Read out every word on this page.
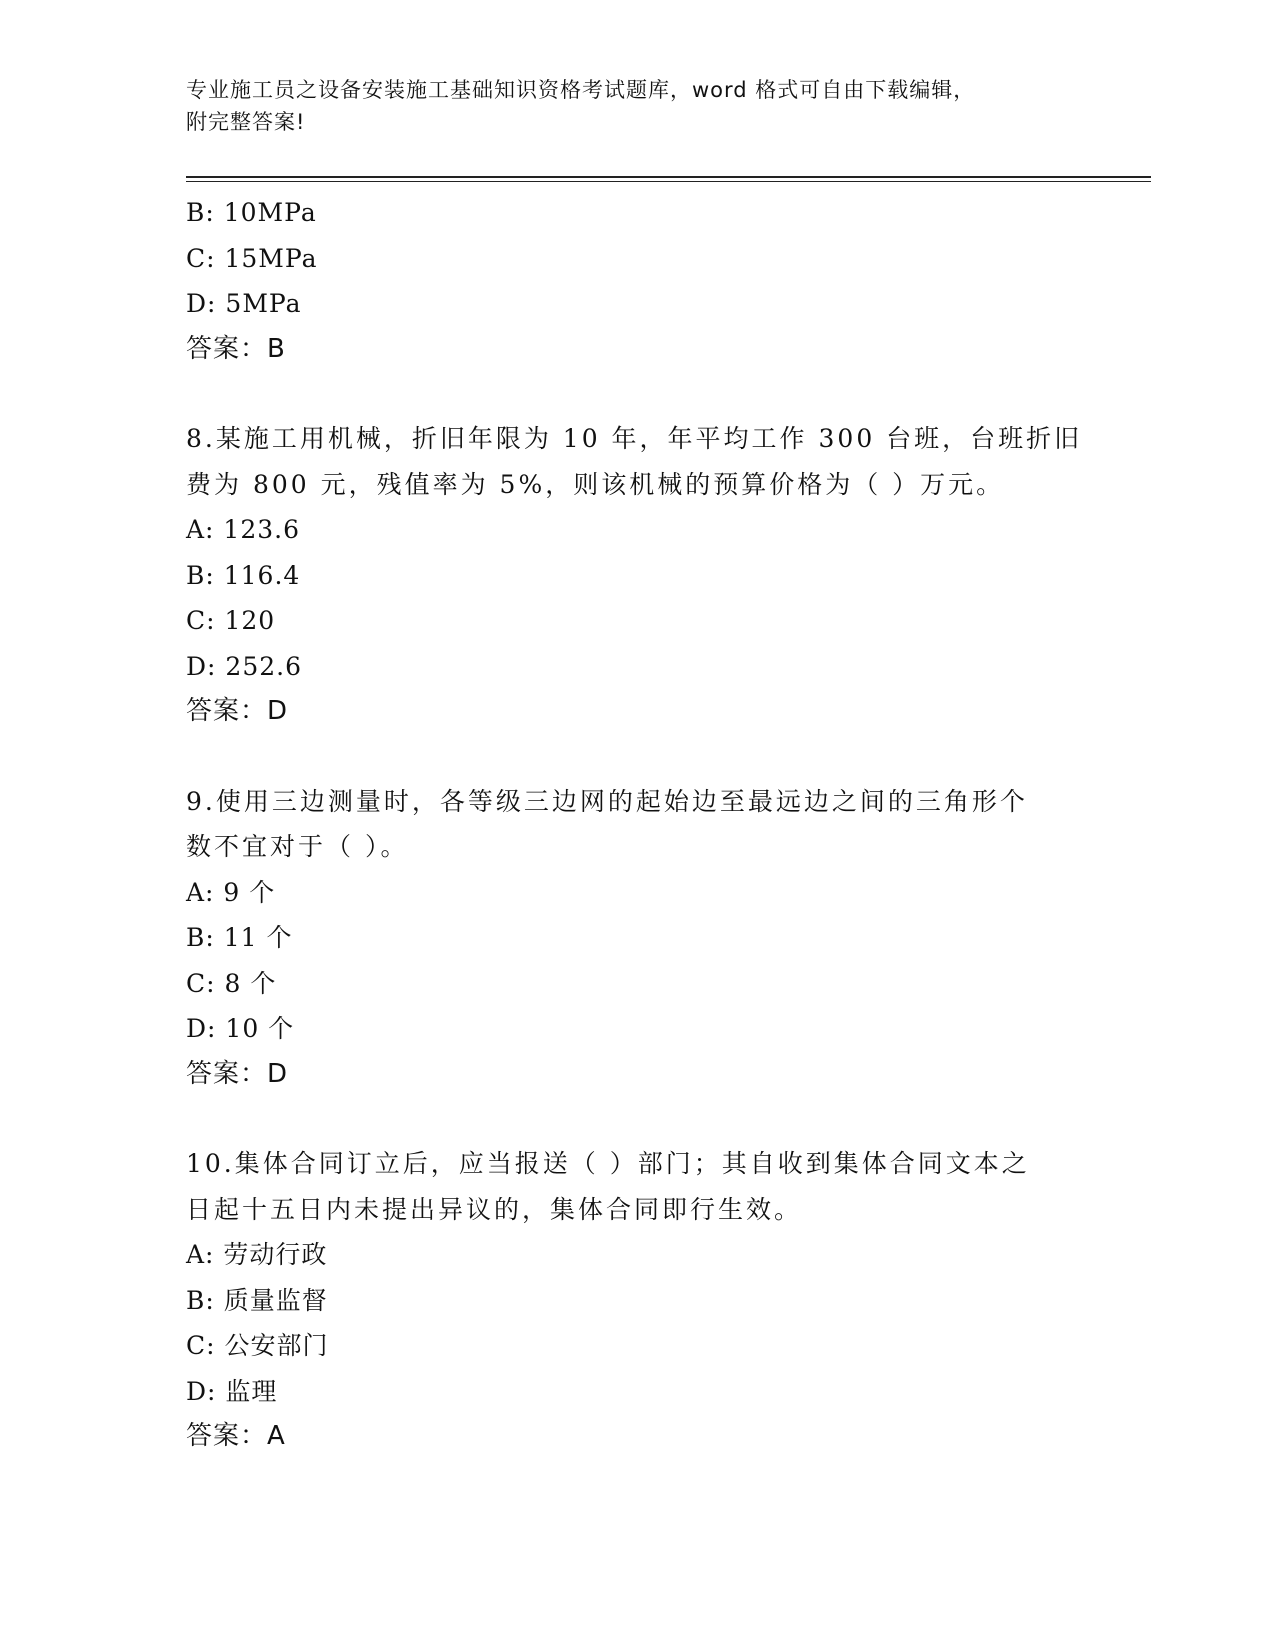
专业施工员之设备安装施工基础知识资格考试题库，word 格式可自由下载编辑，
附完整答案!
B: 10MPa
C: 15MPa
D: 5MPa
答案：B
8.某施工用机械，折旧年限为 10 年，年平均工作 300 台班，台班折旧
费为 800 元，残值率为 5%，则该机械的预算价格为（ ）万元。
A: 123.6
B: 116.4
C: 120
D: 252.6
答案：D
9.使用三边测量时，各等级三边网的起始边至最远边之间的三角形个
数不宜对于（ ）。
A: 9 个
B: 11 个
C: 8 个
D: 10 个
答案：D
10.集体合同订立后，应当报送（ ）部门；其自收到集体合同文本之
日起十五日内未提出异议的，集体合同即行生效。
A: 劳动行政
B: 质量监督
C: 公安部门
D: 监理
答案：A
